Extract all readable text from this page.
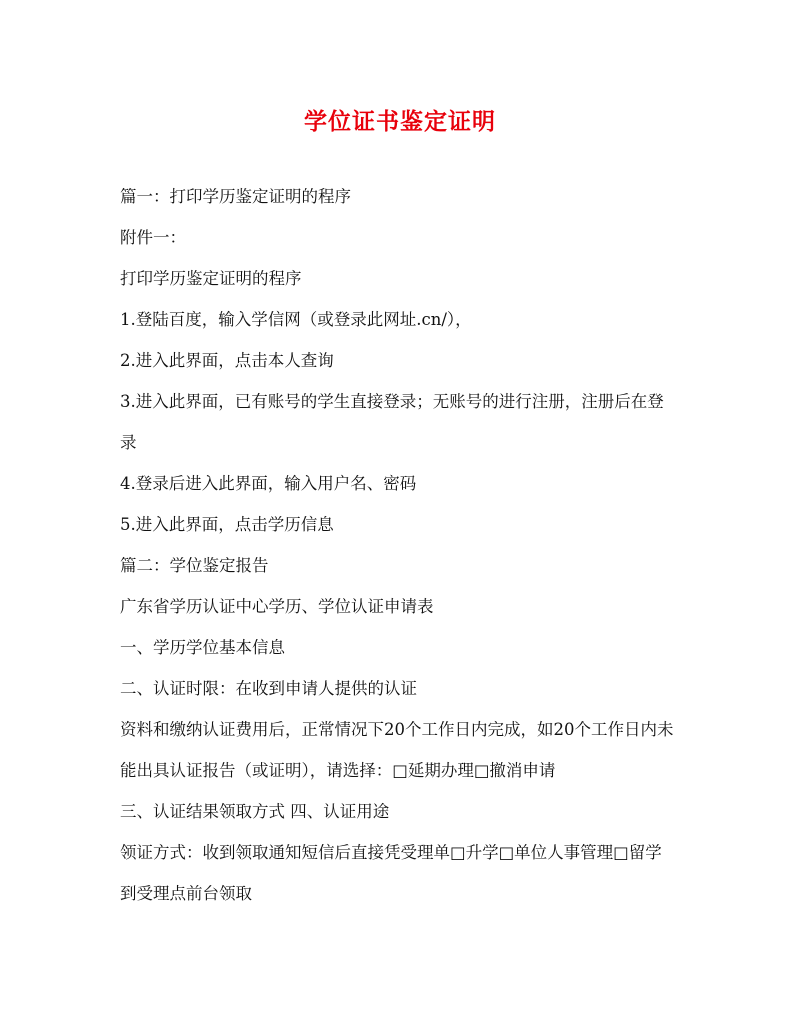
学位证书鉴定证明

篇一：打印学历鉴定证明的程序

附件一：

打印学历鉴定证明的程序

1.登陆百度，输入学信网（或登录此网址.cn/），

2.进入此界面，点击本人查询

3.进入此界面，已有账号的学生直接登录；无账号的进行注册，注册后在登录

4.登录后进入此界面，输入用户名、密码

5.进入此界面，点击学历信息

篇二：学位鉴定报告

广东省学历认证中心学历、学位认证申请表

一、学历学位基本信息

二、认证时限：在收到申请人提供的认证

资料和缴纳认证费用后，正常情况下20个工作日内完成，如20个工作日内未能出具认证报告（或证明），请选择：□延期办理□撤消申请

三、认证结果领取方式 四、认证用途

领证方式：收到领取通知短信后直接凭受理单□升学□单位人事管理□留学 到受理点前台领取
